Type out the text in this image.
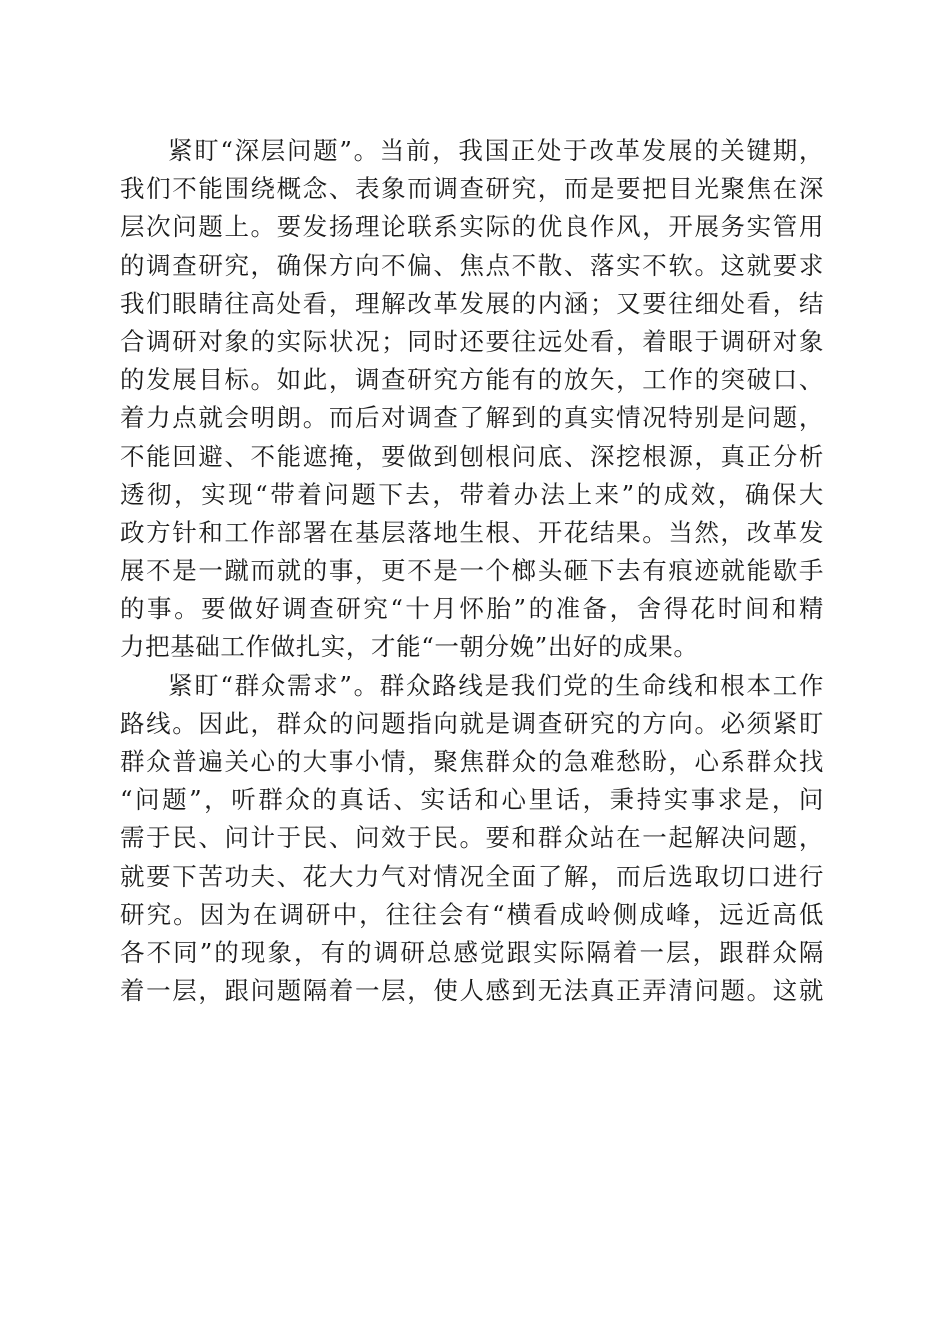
紧盯“深层问题”。当前，我国正处于改革发展的关键期，
我们不能围绕概念、表象而调查研究，而是要把目光聚焦在深
层次问题上。要发扬理论联系实际的优良作风，开展务实管用
的调查研究，确保方向不偏、焦点不散、落实不软。这就要求
我们眼睛往高处看，理解改革发展的内涵；又要往细处看，结
合调研对象的实际状况；同时还要往远处看，着眼于调研对象
的发展目标。如此，调查研究方能有的放矢，工作的突破口、
着力点就会明朗。而后对调查了解到的真实情况特别是问题，
不能回避、不能遮掩，要做到刨根问底、深挖根源，真正分析
透彻，实现“带着问题下去，带着办法上来”的成效，确保大
政方针和工作部署在基层落地生根、开花结果。当然，改革发
展不是一蹴而就的事，更不是一个榔头砸下去有痕迹就能歇手
的事。要做好调查研究“十月怀胎”的准备，舍得花时间和精
力把基础工作做扎实，才能“一朝分娩”出好的成果。
紧盯“群众需求”。群众路线是我们党的生命线和根本工作
路线。因此，群众的问题指向就是调查研究的方向。必须紧盯
群众普遍关心的大事小情，聚焦群众的急难愁盼，心系群众找
“问题”，听群众的真话、实话和心里话，秉持实事求是，问
需于民、问计于民、问效于民。要和群众站在一起解决问题，
就要下苦功夫、花大力气对情况全面了解，而后选取切口进行
研究。因为在调研中，往往会有“横看成岭侧成峰，远近高低
各不同”的现象，有的调研总感觉跟实际隔着一层，跟群众隔
着一层，跟问题隔着一层，使人感到无法真正弄清问题。这就
